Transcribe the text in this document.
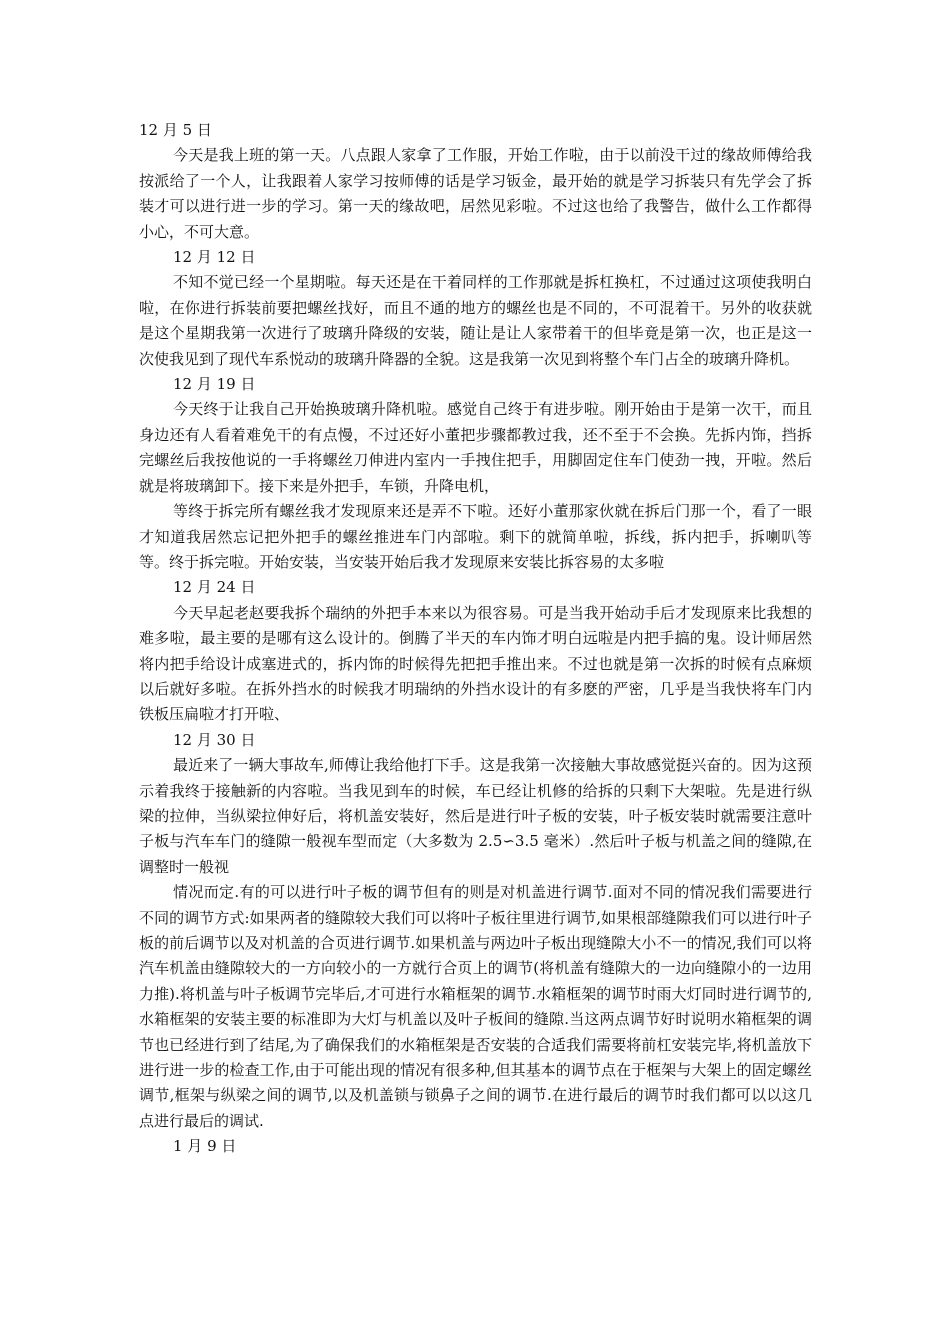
12 月 5 日

今天是我上班的第一天。八点跟人家拿了工作服，开始工作啦，由于以前没干过的缘故师傅给我按派给了一个人，让我跟着人家学习按师傅的话是学习钣金，最开始的就是学习拆装只有先学会了拆装才可以进行进一步的学习。第一天的缘故吧，居然见彩啦。不过这也给了我警告，做什么工作都得小心，不可大意。

12 月 12 日

不知不觉已经一个星期啦。每天还是在干着同样的工作那就是拆杠换杠，不过通过这项使我明白啦，在你进行拆装前要把螺丝找好，而且不通的地方的螺丝也是不同的，不可混着干。另外的收获就是这个星期我第一次进行了玻璃升降级的安装，随让是让人家带着干的但毕竟是第一次，也正是这一次使我见到了现代车系悦动的玻璃升降器的全貌。这是我第一次见到将整个车门占全的玻璃升降机。

12 月 19 日

今天终于让我自己开始换玻璃升降机啦。感觉自己终于有进步啦。刚开始由于是第一次干，而且身边还有人看着难免干的有点慢，不过还好小董把步骤都教过我，还不至于不会换。先拆内饰，挡拆完螺丝后我按他说的一手将螺丝刀伸进内室内一手拽住把手，用脚固定住车门使劲一拽，开啦。然后就是将玻璃卸下。接下来是外把手，车锁，升降电机，

等终于拆完所有螺丝我才发现原来还是弄不下啦。还好小董那家伙就在拆后门那一个，看了一眼才知道我居然忘记把外把手的螺丝推进车门内部啦。剩下的就简单啦，拆线，拆内把手，拆喇叭等等。终于拆完啦。开始安装，当安装开始后我才发现原来安装比拆容易的太多啦

12 月 24 日

今天早起老赵要我拆个瑞纳的外把手本来以为很容易。可是当我开始动手后才发现原来比我想的难多啦，最主要的是哪有这么设计的。倒腾了半天的车内饰才明白远啦是内把手搞的鬼。设计师居然将内把手给设计成塞进式的，拆内饰的时候得先把把手推出来。不过也就是第一次拆的时候有点麻烦以后就好多啦。在拆外挡水的时候我才明瑞纳的外挡水设计的有多麽的严密，几乎是当我快将车门内铁板压扁啦才打开啦、

12 月 30 日

最近来了一辆大事故车,师傅让我给他打下手。这是我第一次接触大事故感觉挺兴奋的。因为这预示着我终于接触新的内容啦。当我见到车的时候，车已经让机修的给拆的只剩下大架啦。先是进行纵梁的拉伸，当纵梁拉伸好后，将机盖安装好，然后是进行叶子板的安装，叶子板安装时就需要注意叶子板与汽车车门的缝隙一般视车型而定（大多数为 2.5∽3.5 毫米）.然后叶子板与机盖之间的缝隙,在调整时一般视

情况而定.有的可以进行叶子板的调节但有的则是对机盖进行调节.面对不同的情况我们需要进行不同的调节方式:如果两者的缝隙较大我们可以将叶子板往里进行调节,如果根部缝隙我们可以进行叶子板的前后调节以及对机盖的合页进行调节.如果机盖与两边叶子板出现缝隙大小不一的情况,我们可以将汽车机盖由缝隙较大的一方向较小的一方就行合页上的调节(将机盖有缝隙大的一边向缝隙小的一边用力推).将机盖与叶子板调节完毕后,才可进行水箱框架的调节.水箱框架的调节时雨大灯同时进行调节的,水箱框架的安装主要的标准即为大灯与机盖以及叶子板间的缝隙.当这两点调节好时说明水箱框架的调节也已经进行到了结尾,为了确保我们的水箱框架是否安装的合适我们需要将前杠安装完毕,将机盖放下进行进一步的检查工作,由于可能出现的情况有很多种,但其基本的调节点在于框架与大架上的固定螺丝调节,框架与纵梁之间的调节,以及机盖锁与锁鼻子之间的调节.在进行最后的调节时我们都可以以这几点进行最后的调试.

1 月 9 日
